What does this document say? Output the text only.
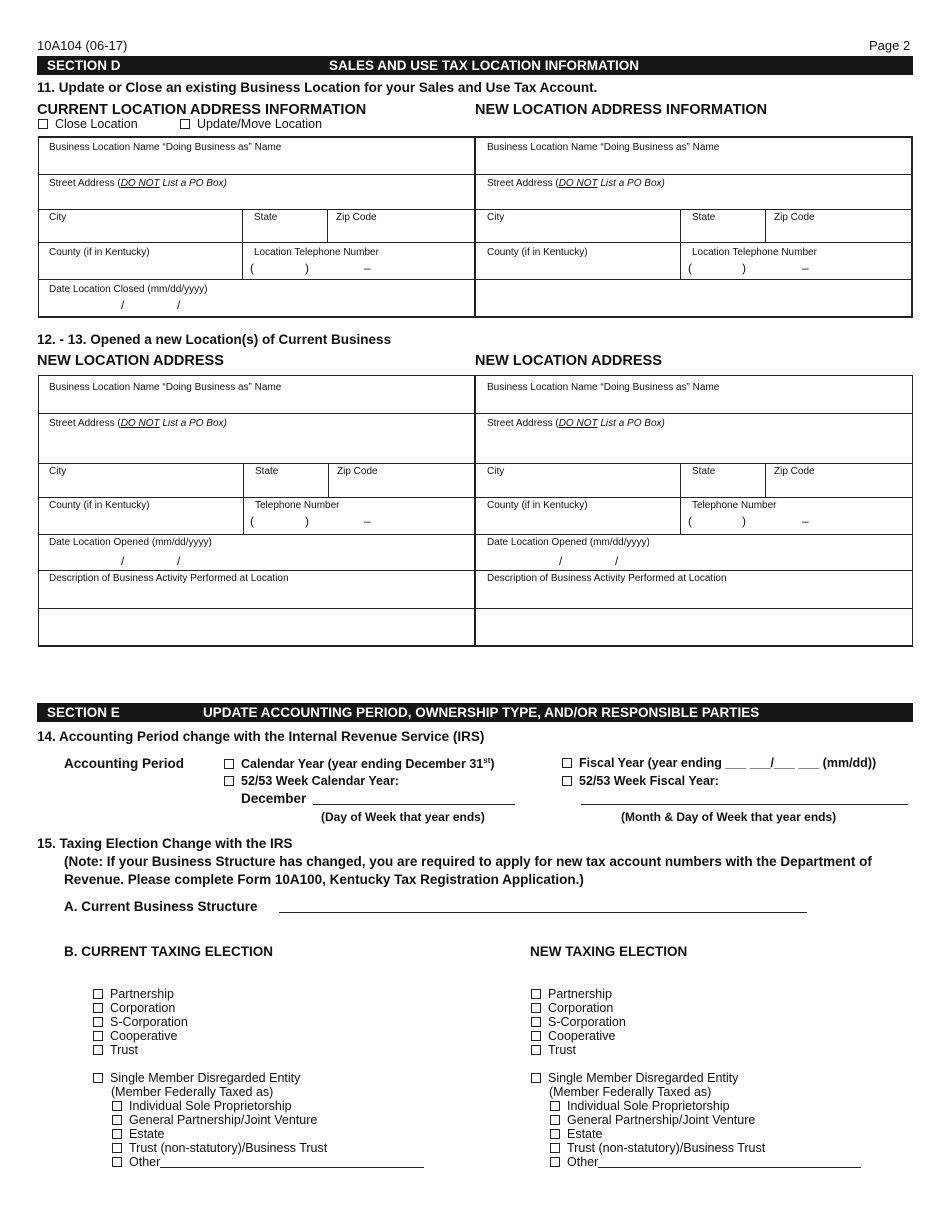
10A104 (06-17)	Page 2
SECTION D	SALES AND USE TAX LOCATION INFORMATION
11. Update or Close an existing Business Location for your Sales and Use Tax Account.
CURRENT LOCATION ADDRESS INFORMATION	NEW LOCATION ADDRESS INFORMATION
Close Location	Update/Move Location
Business Location Name “Doing Business as” Name
Street Address (DO NOT List a PO Box)
City	State	Zip Code
County (if in Kentucky)	Location Telephone Number
(	)	–
Date Location Closed (mm/dd/yyyy)
/	/
Business Location Name “Doing Business as” Name
Street Address (DO NOT List a PO Box)
City	State	Zip Code
County (if in Kentucky)	Location Telephone Number
(	)	–
12. - 13. Opened a new Location(s) of Current Business
NEW LOCATION ADDRESS	NEW LOCATION ADDRESS
Business Location Name “Doing Business as” Name
Street Address (DO NOT List a PO Box)
City	State	Zip Code
County (if in Kentucky)	Telephone Number
(	)	–
Date Location Opened (mm/dd/yyyy)
/	/
Description of Business Activity Performed at Location
Business Location Name “Doing Business as” Name
Street Address (DO NOT List a PO Box)
City	State	Zip Code
County (if in Kentucky)	Telephone Number
(	)	–
Date Location Opened (mm/dd/yyyy)
/	/
Description of Business Activity Performed at Location
SECTION E	UPDATE ACCOUNTING PERIOD, OWNERSHIP TYPE, AND/OR RESPONSIBLE PARTIES
14. Accounting Period change with the Internal Revenue Service (IRS)
Accounting Period	Calendar Year (year ending December 31st)
52/53 Week Calendar Year:
December
(Day of Week that year ends)
Fiscal Year (year ending ___ ___/___ ___ (mm/dd))
52/53 Week Fiscal Year:
(Month & Day of Week that year ends)
15. Taxing Election Change with the IRS
(Note: If your Business Structure has changed, you are required to apply for new tax account numbers with the Department of
Revenue. Please complete Form 10A100, Kentucky Tax Registration Application.)
A. Current Business Structure
B. CURRENT TAXING ELECTION	NEW TAXING ELECTION
Partnership
Corporation
S-Corporation
Cooperative
Trust
Single Member Disregarded Entity
(Member Federally Taxed as)
Individual Sole Proprietorship
General Partnership/Joint Venture
Estate
Trust (non-statutory)/Business Trust
Other
Partnership
Corporation
S-Corporation
Cooperative
Trust
Single Member Disregarded Entity
(Member Federally Taxed as)
Individual Sole Proprietorship
General Partnership/Joint Venture
Estate
Trust (non-statutory)/Business Trust
Other
